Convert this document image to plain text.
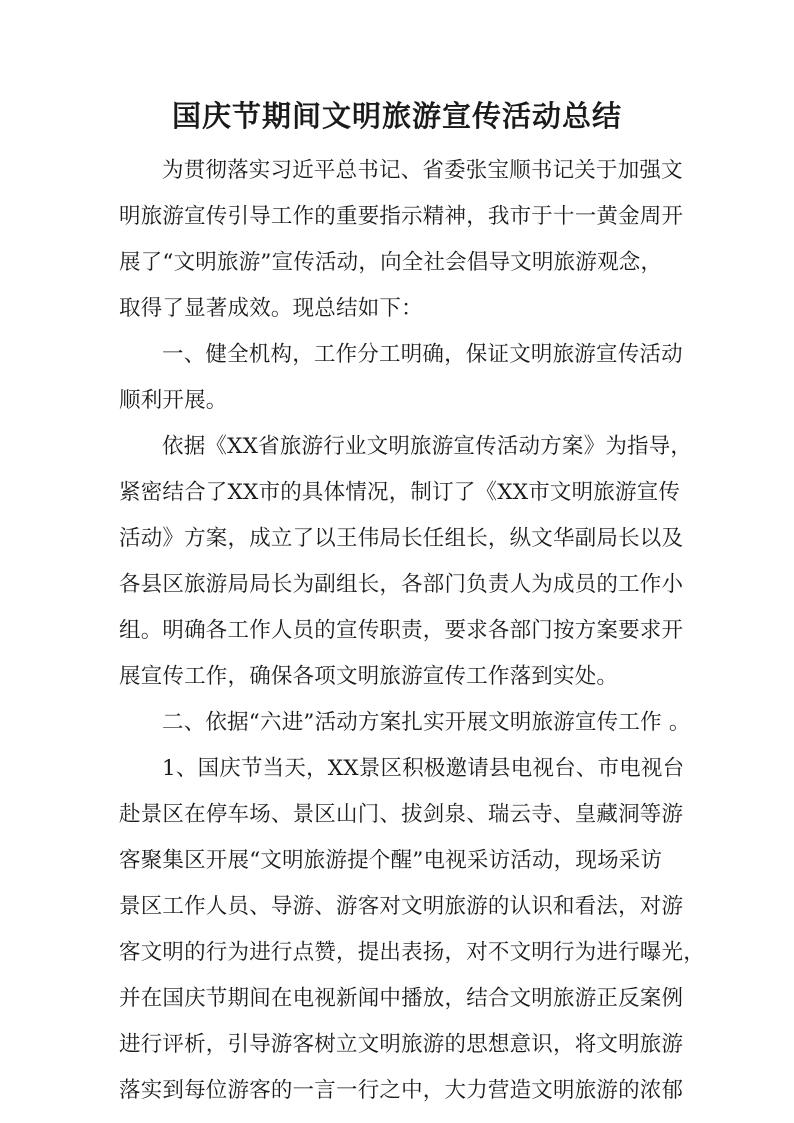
国庆节期间文明旅游宣传活动总结
为贯彻落实习近平总书记、省委张宝顺书记关于加强文
明旅游宣传引导工作的重要指示精神，我市于十一黄金周开
展了“文明旅游”宣传活动，向全社会倡导文明旅游观念，
取得了显著成效。现总结如下：
一、健全机构，工作分工明确，保证文明旅游宣传活动
顺利开展。
依据《XX省旅游行业文明旅游宣传活动方案》为指导，
紧密结合了XX市的具体情况，制订了《XX市文明旅游宣传
活动》方案，成立了以王伟局长任组长，纵文华副局长以及
各县区旅游局局长为副组长，各部门负责人为成员的工作小
组。明确各工作人员的宣传职责，要求各部门按方案要求开
展宣传工作，确保各项文明旅游宣传工作落到实处。
二、依据“六进”活动方案扎实开展文明旅游宣传工作 。
1、国庆节当天，XX景区积极邀请县电视台、市电视台
赴景区在停车场、景区山门、拔剑泉、瑞云寺、皇藏洞等游
客聚集区开展“文明旅游提个醒”电视采访活动，现场采访
景区工作人员、导游、游客对文明旅游的认识和看法，对游
客文明的行为进行点赞，提出表扬，对不文明行为进行曝光，
并在国庆节期间在电视新闻中播放，结合文明旅游正反案例
进行评析，引导游客树立文明旅游的思想意识，将文明旅游
落实到每位游客的一言一行之中，大力营造文明旅游的浓郁
